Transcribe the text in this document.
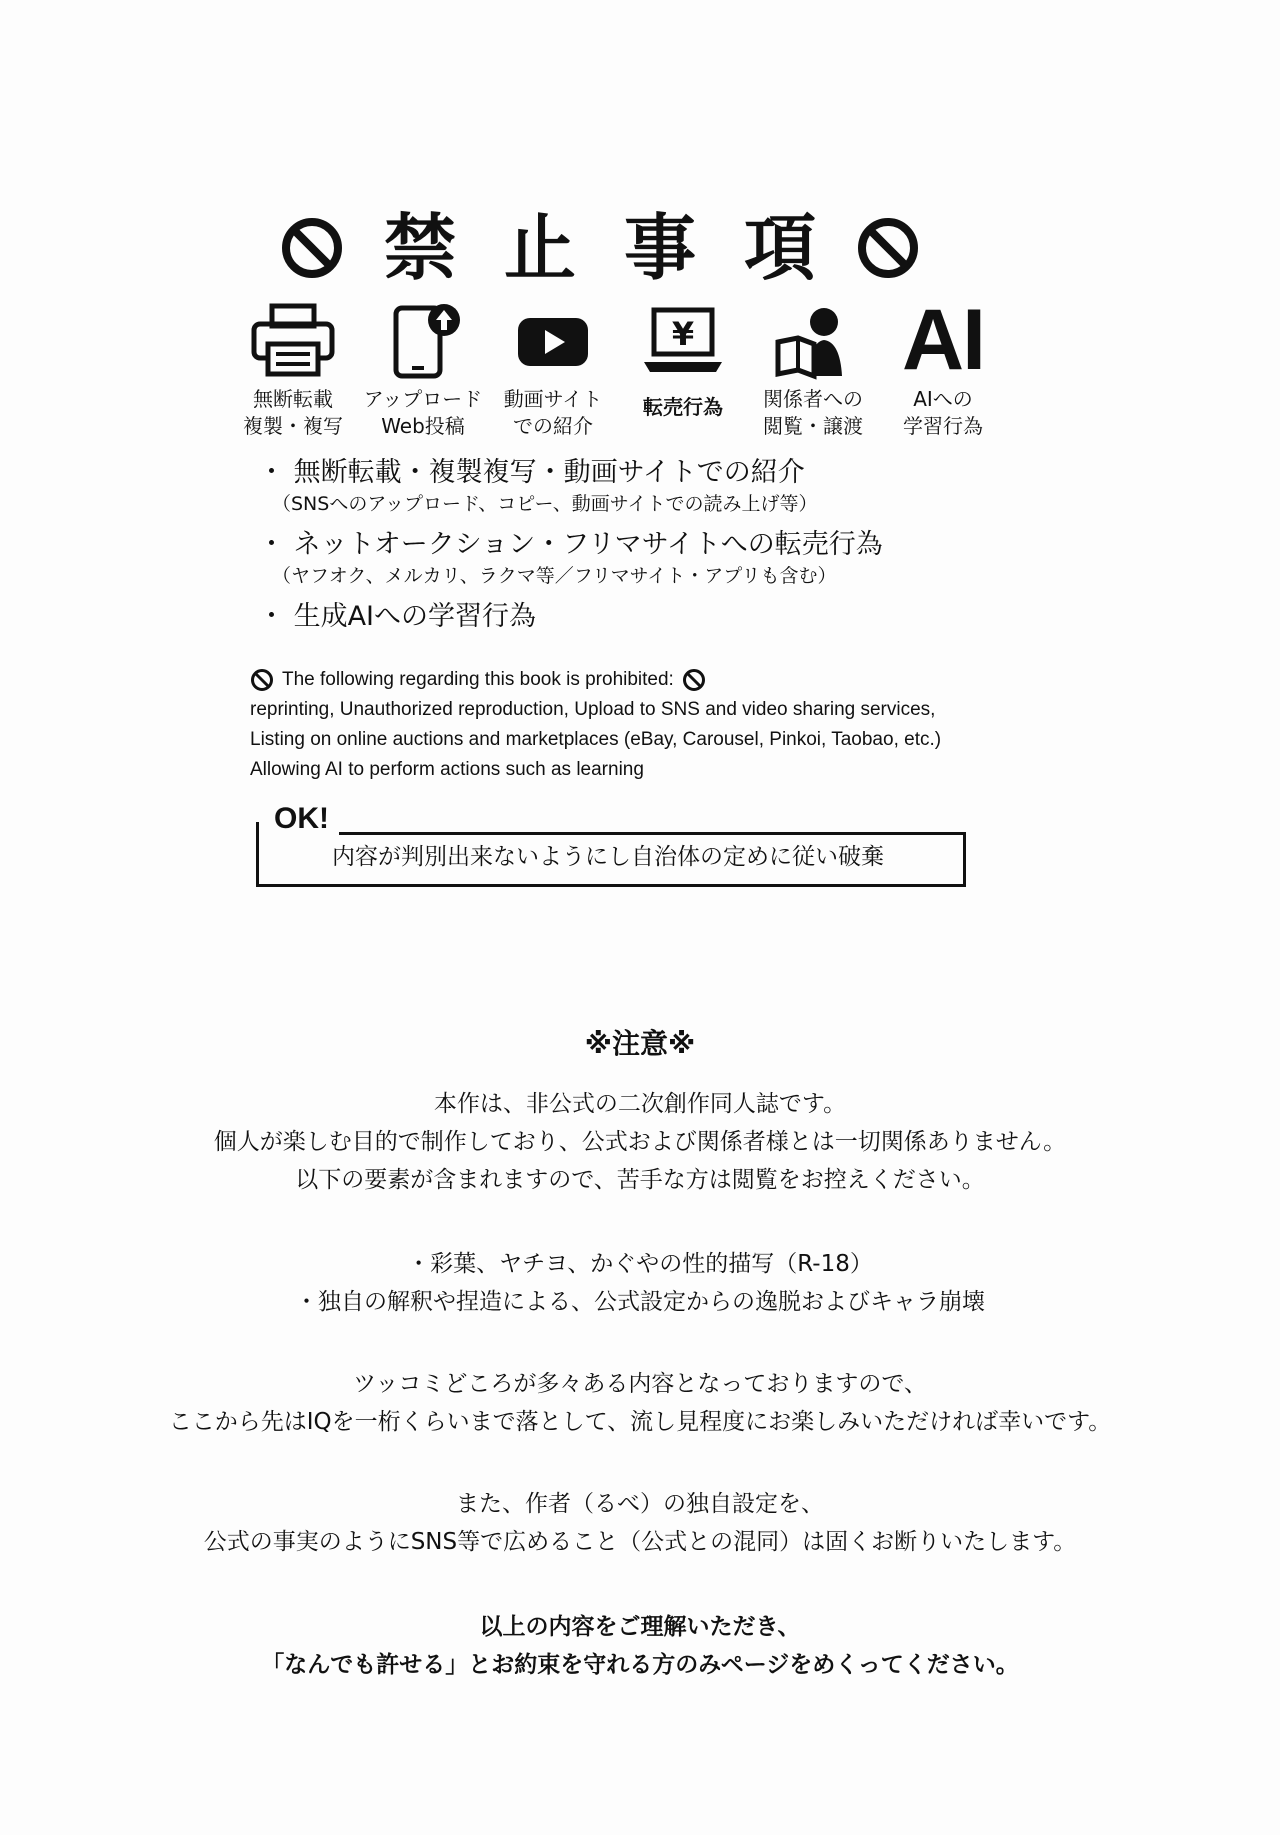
禁止事項
無断転載
複製・複写
アップロード
Web投稿
動画サイト
での紹介
¥
転売行為	関係者への
閲覧・譲渡
AI
AIへの
学習行為
・ 無断転載・複製複写・動画サイトでの紹介
（SNSへのアップロード、コピー、動画サイトでの読み上げ等）
・ ネットオークション・フリマサイトへの転売行為
（ヤフオク、メルカリ、ラクマ等／フリマサイト・アプリも含む）
・ 生成AIへの学習行為
The following regarding this book is prohibited:
reprinting, Unauthorized reproduction, Upload to SNS and video sharing services,
Listing on online auctions and marketplaces (eBay, Carousel, Pinkoi, Taobao, etc.)
Allowing AI to perform actions such as learning
OK!
内容が判別出来ないようにし自治体の定めに従い破棄
※注意※
本作は、非公式の二次創作同人誌です。
個人が楽しむ目的で制作しており、公式および関係者様とは一切関係ありません。
以下の要素が含まれますので、苦手な方は閲覧をお控えください。
・彩葉、ヤチヨ、かぐやの性的描写（R-18）
・独自の解釈や捏造による、公式設定からの逸脱およびキャラ崩壊
ツッコミどころが多々ある内容となっておりますので、
ここから先はIQを一桁くらいまで落として、流し見程度にお楽しみいただければ幸いです。
また、作者（るべ）の独自設定を、
公式の事実のようにSNS等で広めること（公式との混同）は固くお断りいたします。
以上の内容をご理解いただき、
「なんでも許せる」とお約束を守れる方のみページをめくってください。
